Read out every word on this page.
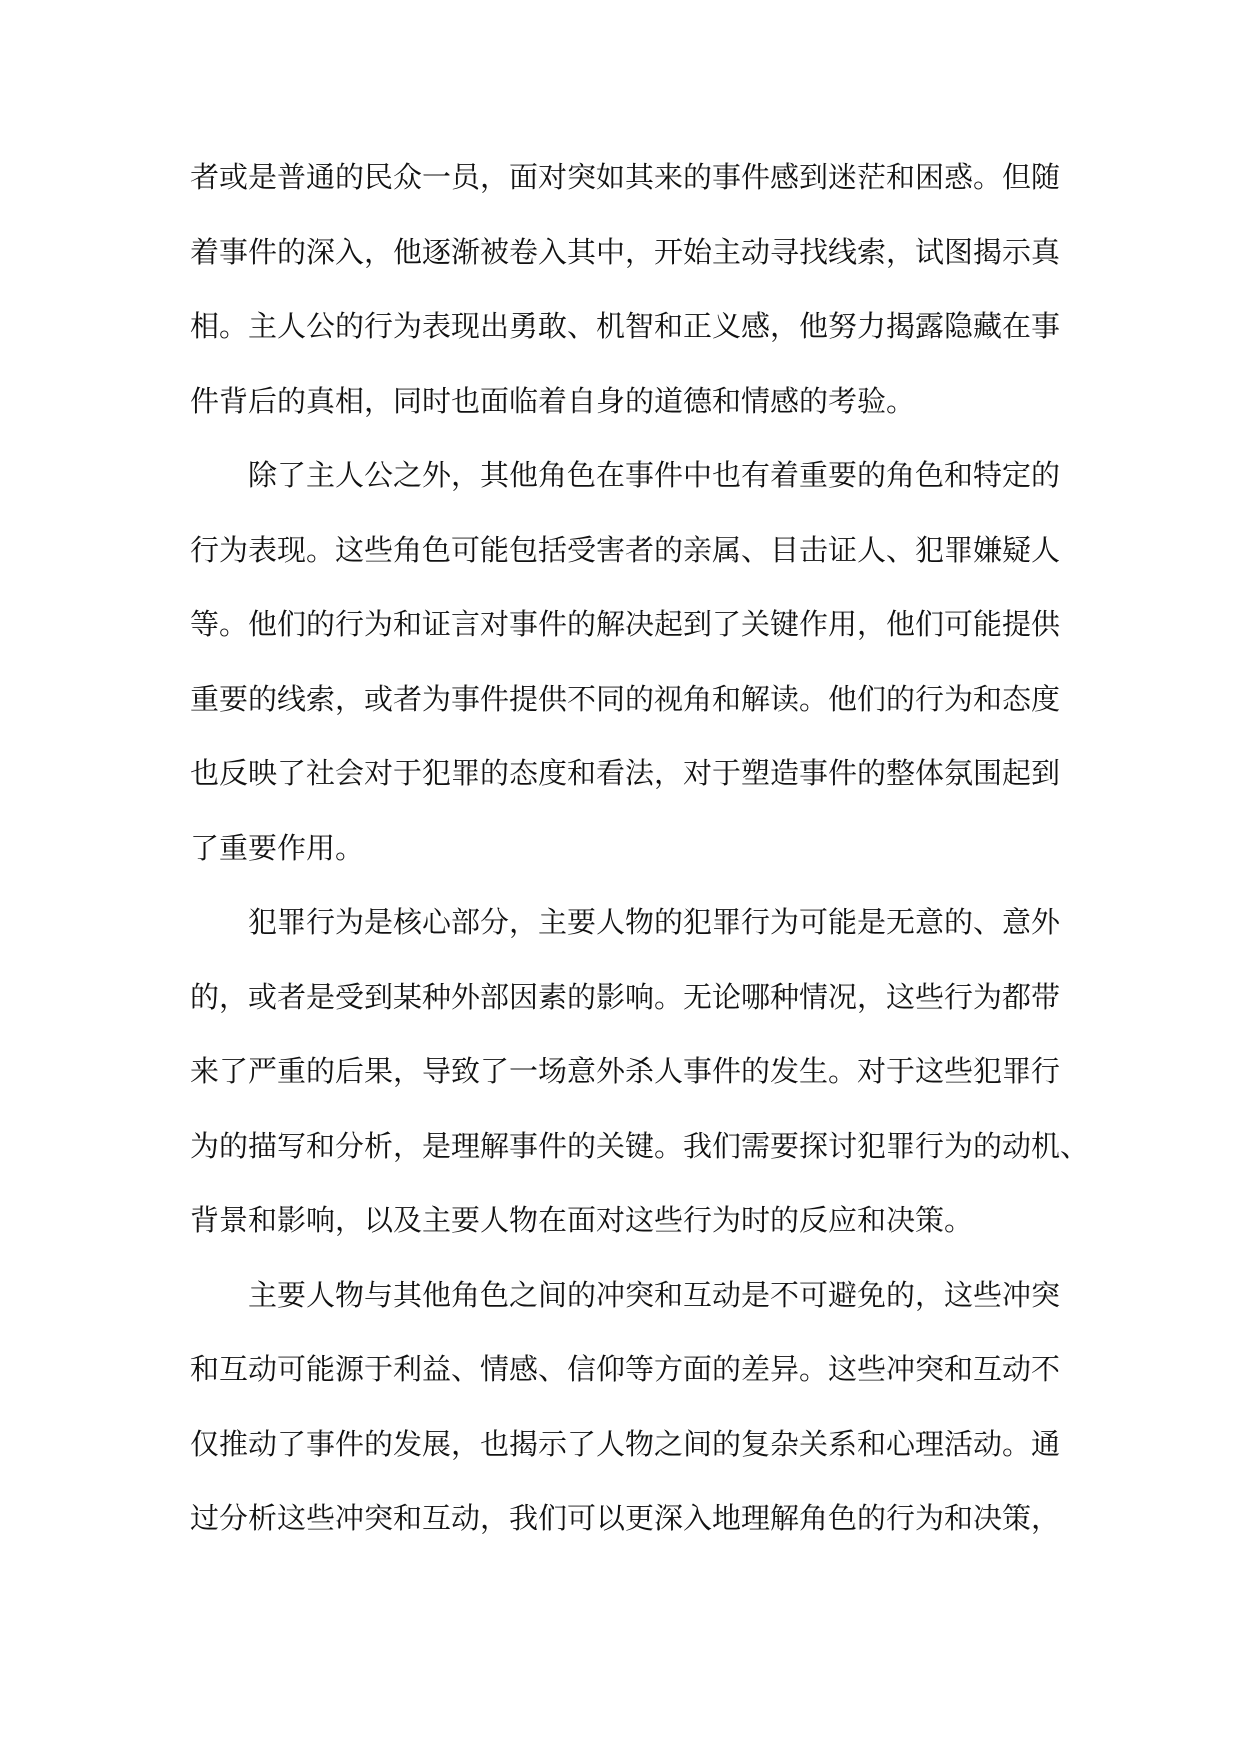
者或是普通的民众一员，面对突如其来的事件感到迷茫和困惑。但随
着事件的深入，他逐渐被卷入其中，开始主动寻找线索，试图揭示真
相。主人公的行为表现出勇敢、机智和正义感，他努力揭露隐藏在事
件背后的真相，同时也面临着自身的道德和情感的考验。
除了主人公之外，其他角色在事件中也有着重要的角色和特定的
行为表现。这些角色可能包括受害者的亲属、目击证人、犯罪嫌疑人
等。他们的行为和证言对事件的解决起到了关键作用，他们可能提供
重要的线索，或者为事件提供不同的视角和解读。他们的行为和态度
也反映了社会对于犯罪的态度和看法，对于塑造事件的整体氛围起到
了重要作用。
犯罪行为是核心部分，主要人物的犯罪行为可能是无意的、意外
的，或者是受到某种外部因素的影响。无论哪种情况，这些行为都带
来了严重的后果，导致了一场意外杀人事件的发生。对于这些犯罪行
为的描写和分析，是理解事件的关键。我们需要探讨犯罪行为的动机、
背景和影响，以及主要人物在面对这些行为时的反应和决策。
主要人物与其他角色之间的冲突和互动是不可避免的，这些冲突
和互动可能源于利益、情感、信仰等方面的差异。这些冲突和互动不
仅推动了事件的发展，也揭示了人物之间的复杂关系和心理活动。通
过分析这些冲突和互动，我们可以更深入地理解角色的行为和决策，
